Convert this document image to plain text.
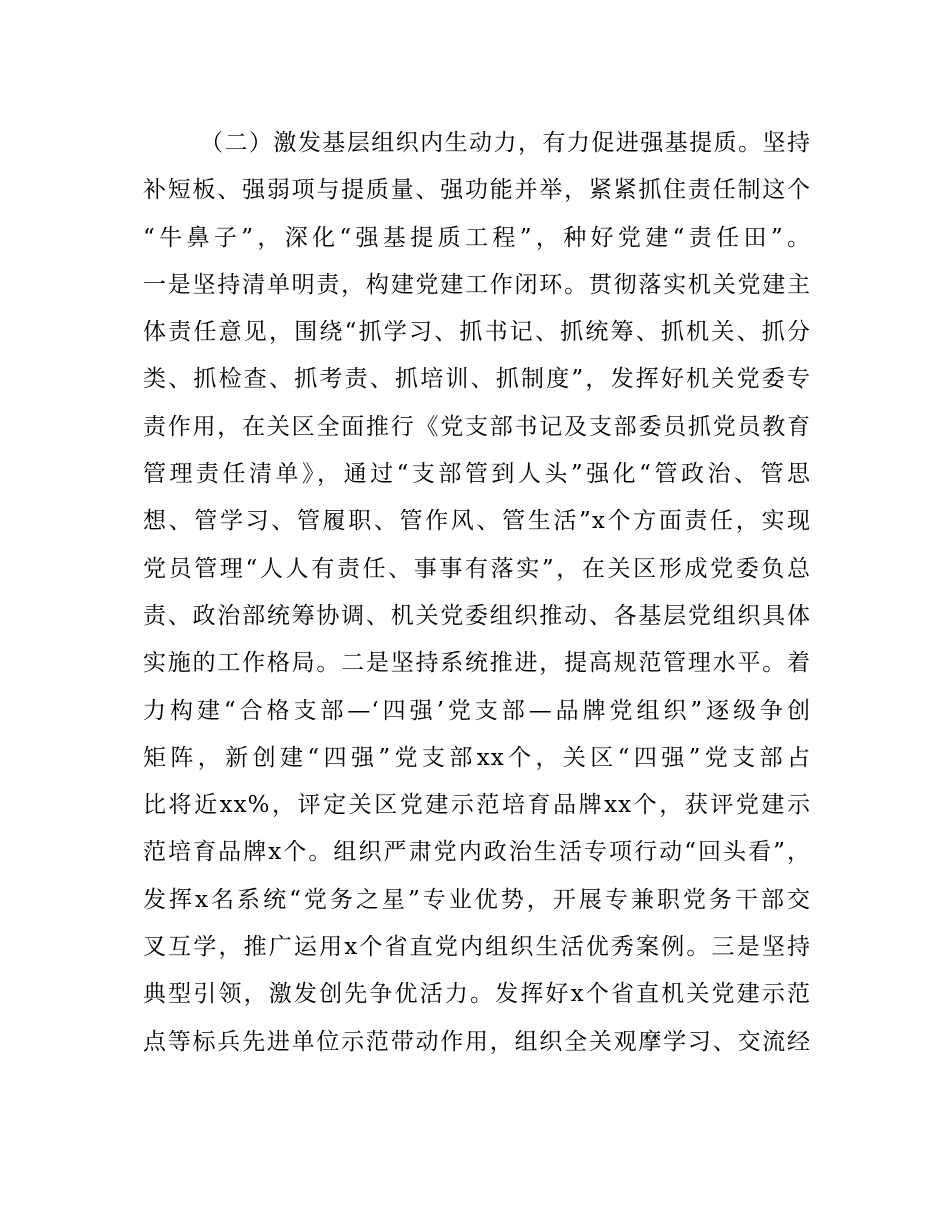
（二）激发基层组织内生动力，有力促进强基提质。坚持
补短板、强弱项与提质量、强功能并举，紧紧抓住责任制这个
“牛鼻子”，深化“强基提质工程”，种好党建“责任田”。
一是坚持清单明责，构建党建工作闭环。贯彻落实机关党建主
体责任意见，围绕“抓学习、抓书记、抓统筹、抓机关、抓分
类、抓检查、抓考责、抓培训、抓制度”，发挥好机关党委专
责作用，在关区全面推行《党支部书记及支部委员抓党员教育
管理责任清单》，通过“支部管到人头”强化“管政治、管思
想、管学习、管履职、管作风、管生活”x个方面责任，实现
党员管理“人人有责任、事事有落实”，在关区形成党委负总
责、政治部统筹协调、机关党委组织推动、各基层党组织具体
实施的工作格局。二是坚持系统推进，提高规范管理水平。着
力构建“合格支部—‘四强’党支部—品牌党组织”逐级争创
矩阵，新创建“四强”党支部xx个，关区“四强”党支部占
比将近xx%，评定关区党建示范培育品牌xx个，获评党建示
范培育品牌x个。组织严肃党内政治生活专项行动“回头看”，
发挥x名系统“党务之星”专业优势，开展专兼职党务干部交
叉互学，推广运用x个省直党内组织生活优秀案例。三是坚持
典型引领，激发创先争优活力。发挥好x个省直机关党建示范
点等标兵先进单位示范带动作用，组织全关观摩学习、交流经
